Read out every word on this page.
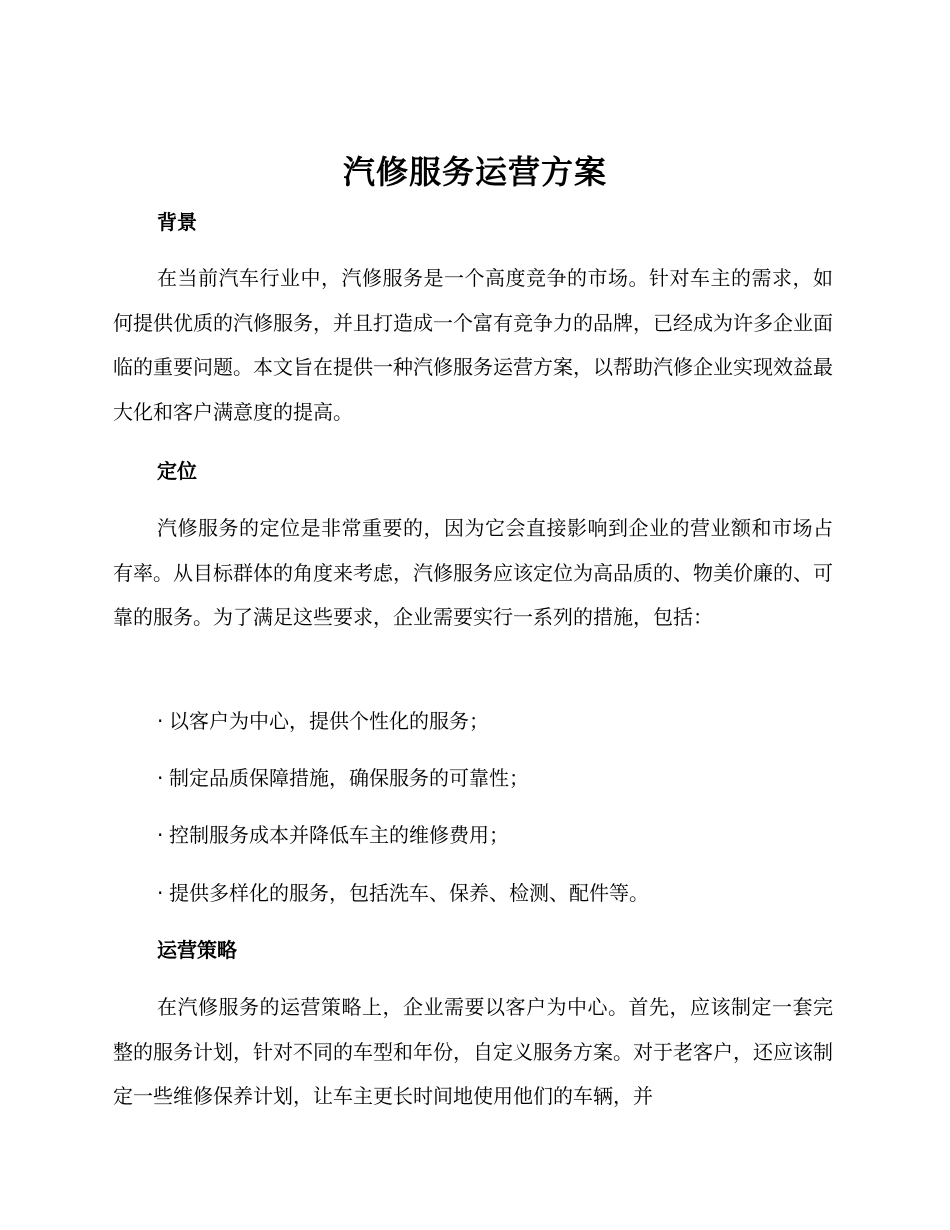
汽修服务运营方案
背景

在当前汽车行业中，汽修服务是一个高度竞争的市场。针对车主的需求，如何提供优质的汽修服务，并且打造成一个富有竞争力的品牌，已经成为许多企业面临的重要问题。本文旨在提供一种汽修服务运营方案，以帮助汽修企业实现效益最大化和客户满意度的提高。

定位

汽修服务的定位是非常重要的，因为它会直接影响到企业的营业额和市场占有率。从目标群体的角度来考虑，汽修服务应该定位为高品质的、物美价廉的、可靠的服务。为了满足这些要求，企业需要实行一系列的措施，包括：

· 以客户为中心，提供个性化的服务；
· 制定品质保障措施，确保服务的可靠性；
· 控制服务成本并降低车主的维修费用；
· 提供多样化的服务，包括洗车、保养、检测、配件等。
运营策略

在汽修服务的运营策略上，企业需要以客户为中心。首先，应该制定一套完整的服务计划，针对不同的车型和年份，自定义服务方案。对于老客户，还应该制定一些维修保养计划，让车主更长时间地使用他们的车辆，并
